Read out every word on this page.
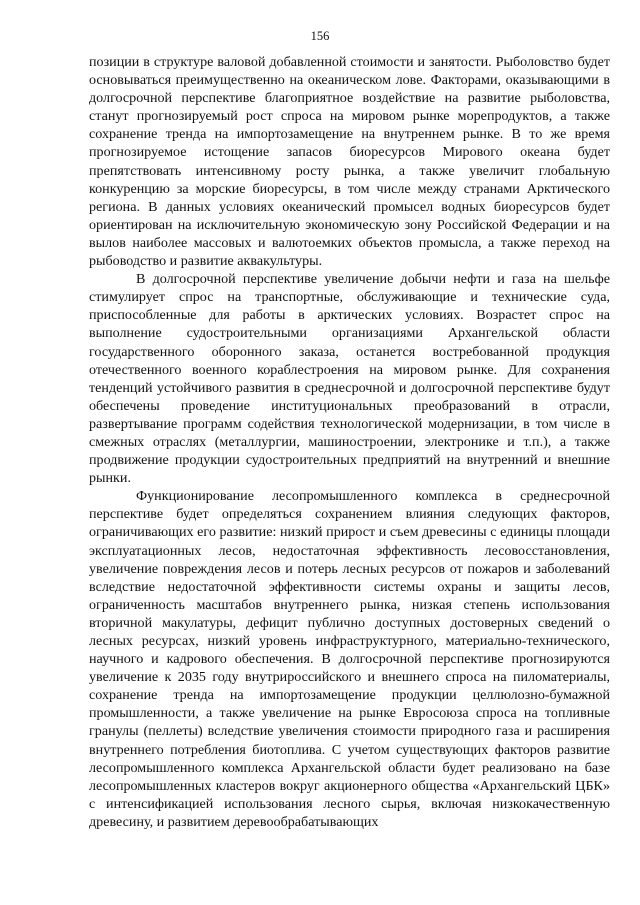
156

позиции в структуре валовой добавленной стоимости и занятости. Рыболовство будет основываться преимущественно на океаническом лове. Факторами, оказывающими в долгосрочной перспективе благоприятное воздействие на развитие рыболовства, станут прогнозируемый рост спроса на мировом рынке морепродуктов, а также сохранение тренда на импортозамещение на внутреннем рынке. В то же время прогнозируемое истощение запасов биоресурсов Мирового океана будет препятствовать интенсивному росту рынка, а также увеличит глобальную конкуренцию за морские биоресурсы, в том числе между странами Арктического региона. В данных условиях океанический промысел водных биоресурсов будет ориентирован на исключительную экономическую зону Российской Федерации и на вылов наиболее массовых и валютоемких объектов промысла, а также переход на рыбоводство и развитие аквакультуры.

В долгосрочной перспективе увеличение добычи нефти и газа на шельфе стимулирует спрос на транспортные, обслуживающие и технические суда, приспособленные для работы в арктических условиях. Возрастет спрос на выполнение судостроительными организациями Архангельской области государственного оборонного заказа, останется востребованной продукция отечественного военного кораблестроения на мировом рынке. Для сохранения тенденций устойчивого развития в среднесрочной и долгосрочной перспективе будут обеспечены проведение институциональных преобразований в отрасли, развертывание программ содействия технологической модернизации, в том числе в смежных отраслях (металлургии, машиностроении, электронике и т.п.), а также продвижение продукции судостроительных предприятий на внутренний и внешние рынки.

Функционирование лесопромышленного комплекса в среднесрочной перспективе будет определяться сохранением влияния следующих факторов, ограничивающих его развитие: низкий прирост и съем древесины с единицы площади эксплуатационных лесов, недостаточная эффективность лесовосстановления, увеличение повреждения лесов и потерь лесных ресурсов от пожаров и заболеваний вследствие недостаточной эффективности системы охраны и защиты лесов, ограниченность масштабов внутреннего рынка, низкая степень использования вторичной макулатуры, дефицит публично доступных достоверных сведений о лесных ресурсах, низкий уровень инфраструктурного, материально-технического, научного и кадрового обеспечения. В долгосрочной перспективе прогнозируются увеличение к 2035 году внутрироссийского и внешнего спроса на пиломатериалы, сохранение тренда на импортозамещение продукции целлюлозно-бумажной промышленности, а также увеличение на рынке Евросоюза спроса на топливные гранулы (пеллеты) вследствие увеличения стоимости природного газа и расширения внутреннего потребления биотоплива. С учетом существующих факторов развитие лесопромышленного комплекса Архангельской области будет реализовано на базе лесопромышленных кластеров вокруг акционерного общества «Архангельский ЦБК» с интенсификацией использования лесного сырья, включая низкокачественную древесину, и развитием деревообрабатывающих
